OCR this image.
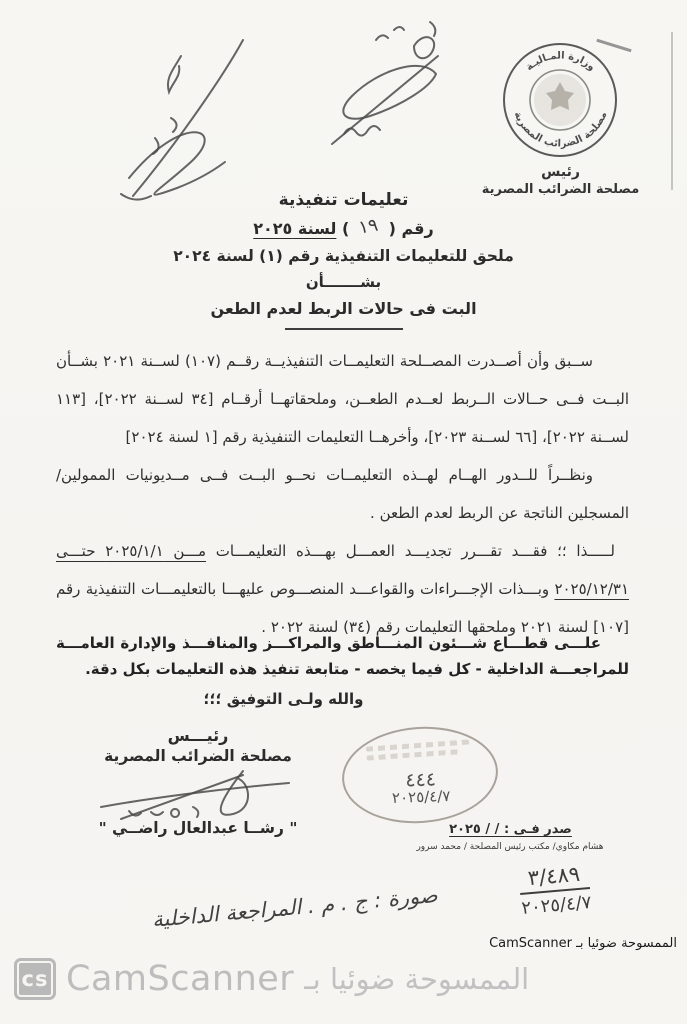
وزارة المـاليـة
مصلحة الضرائب المصرية
رئيس
مصلحة الضرائب المصرية
تعليمات تنفيذية
رقم (١٩) لسنة ٢٠٢٥
ملحق للتعليمات التنفيذية رقم (١) لسنة ٢٠٢٤
بشـــــــأن
البت فى حالات الربط لعدم الطعن

ســبق وأن أصــدرت المصــلحة التعليمــات التنفيذيــة رقــم (١٠٧) لســنة ٢٠٢١ بشــأن البــت فــى حــالات الــربط لعــدم الطعــن، وملحقاتهــا أرقــام [٣٤ لســنة ٢٠٢٢]، [١١٣ لســنة ٢٠٢٢]، [٦٦ لســنة ٢٠٢٣]، وأخرهــا التعليمات التنفيذية رقم [١ لسنة ٢٠٢٤]

ونظــراً للــدور الهــام لهــذه التعليمــات نحــو البــت فــى مــديونيات الممولين/ المسجلين الناتجة عن الربط لعدم الطعن .

لـــــذا ؛؛ فقـــد تقـــرر تجديـــد العمـــل بهـــذه التعليمـــات مـــن ٢٠٢٥/١/١ حتـــى ٢٠٢٥/١٢/٣١ وبـــذات الإجـــراءات والقواعـــد المنصـــوص عليهـــا بالتعليمـــات التنفيذية رقم [١٠٧] لسنة ٢٠٢١ وملحقها التعليمات رقم (٣٤) لسنة ٢٠٢٢ .

علـــى قطـــاع شـــئون المنـــاطق والمراكـــز والمنافـــذ والإدارة العامـــة للمراجعـــة الداخلية - كل فيما يخصه - متابعة تنفيذ هذه التعليمات بكل دقة.
والله ولـى التوفيق ؛؛؛
رئيـــس
مصلحة الضرائب المصرية
" رشــا عبدالعال راضــي "
٤٤٤
٢٠٢٥/٤/٧
صدر فـى : / / ٢٠٢٥
هشام مكاوي/ مكتب رئيس المصلحة / محمد سرور
٣/٤٨٩
٢٠٢٥/٤/٧
صورة : ج . م . المراجعة الداخلية
الممسوحة ضوئيا بـ CamScanner
cs CamScanner الممسوحة ضوئيا بـ
